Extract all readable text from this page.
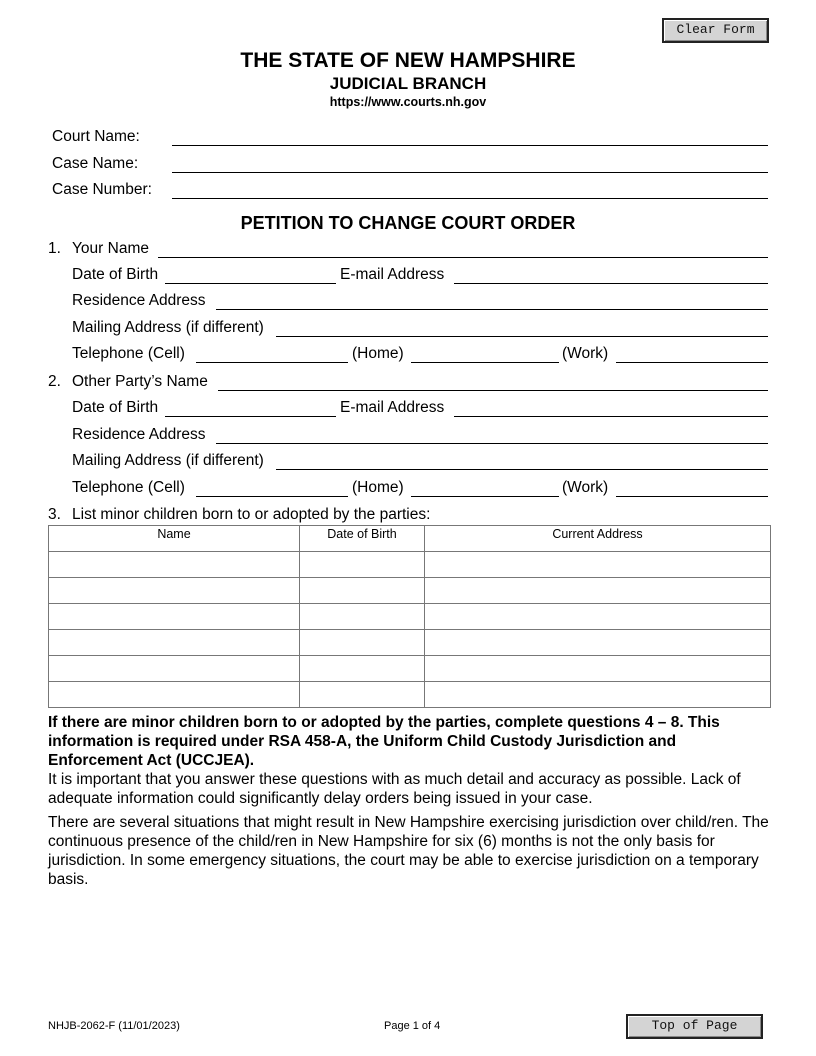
Clear Form
THE STATE OF NEW HAMPSHIRE
JUDICIAL BRANCH
https://www.courts.nh.gov
Court Name:
Case Name:
Case Number:
PETITION TO CHANGE COURT ORDER
1. Your Name
Date of Birth	E-mail Address
Residence Address
Mailing Address (if different)
Telephone (Cell)	(Home)	(Work)
2. Other Party’s Name
Date of Birth	E-mail Address
Residence Address
Mailing Address (if different)
Telephone (Cell)	(Home)	(Work)
3. List minor children born to or adopted by the parties:
Name	Date of Birth	Current Address

If there are minor children born to or adopted by the parties, complete questions 4 – 8. This information is required under RSA 458-A, the Uniform Child Custody Jurisdiction and Enforcement Act (UCCJEA).
It is important that you answer these questions with as much detail and accuracy as possible. Lack of adequate information could significantly delay orders being issued in your case.
There are several situations that might result in New Hampshire exercising jurisdiction over child/ren. The continuous presence of the child/ren in New Hampshire for six (6) months is not the only basis for jurisdiction. In some emergency situations, the court may be able to exercise jurisdiction on a temporary basis.
NHJB-2062-F (11/01/2023)	Page 1 of 4	Top of Page
